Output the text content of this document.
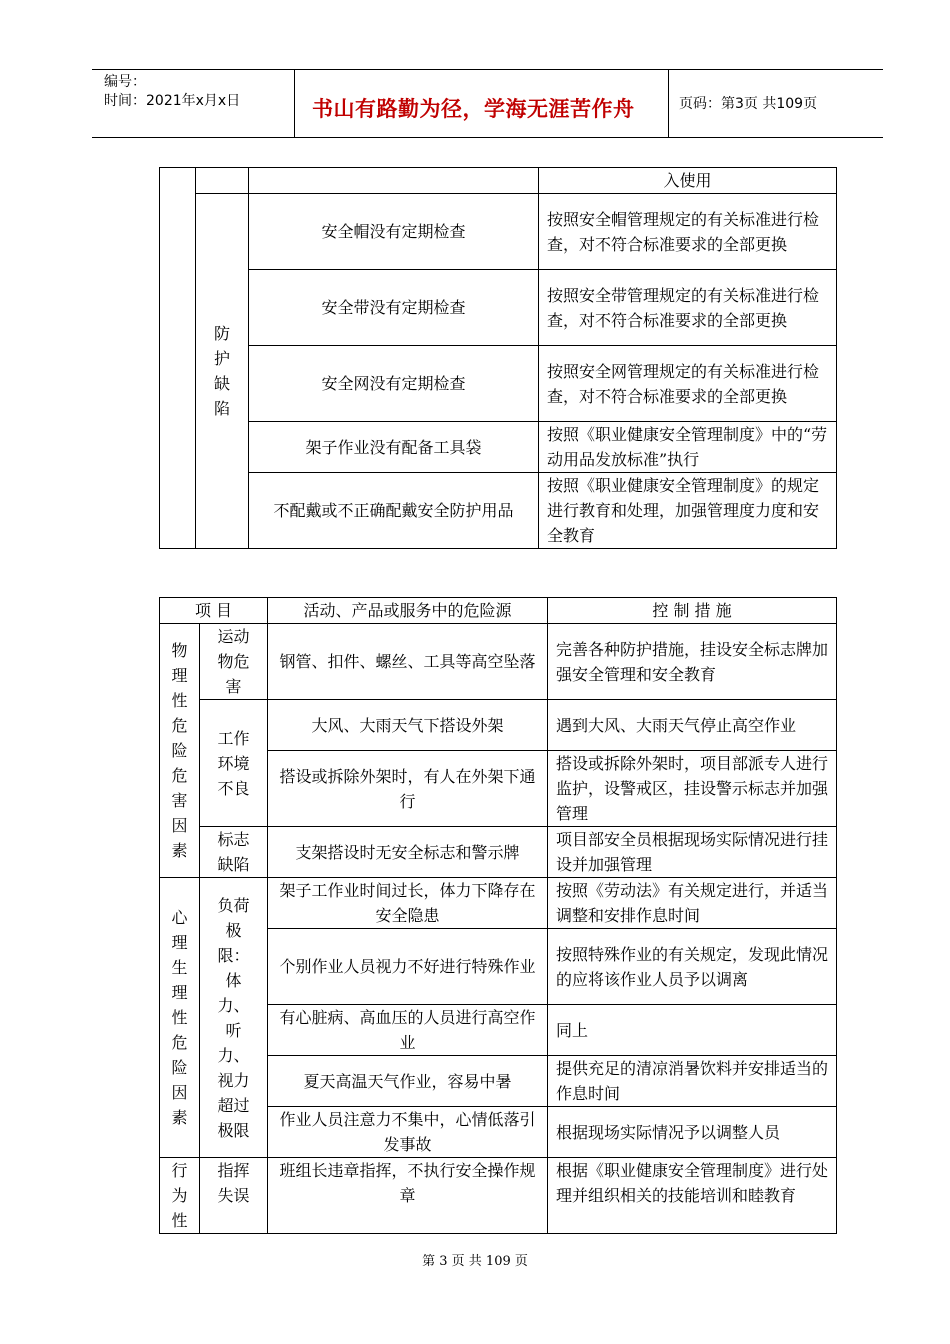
编号：
时间：2021年x月x日	书山有路勤为径，学海无涯苦作舟	页码：第3页 共109页
			入使用

	防护缺陷	安全帽没有定期检查	按照安全帽管理规定的有关标准进行检查，对不符合标准要求的全部更换
		安全带没有定期检查	按照安全带管理规定的有关标准进行检查，对不符合标准要求的全部更换
		安全网没有定期检查	按照安全网管理规定的有关标准进行检查，对不符合标准要求的全部更换
		架子作业没有配备工具袋	按照《职业健康安全管理制度》中的“劳动用品发放标准”执行
		不配戴或不正确配戴安全防护用品	按照《职业健康安全管理制度》的规定进行教育和处理，加强管理度力度和安全教育
项 目		活动、产品或服务中的危险源	控 制 措 施

物理性危险危害因素	运动物危害	钢管、扣件、螺丝、工具等高空坠落	完善各种防护措施，挂设安全标志牌加强安全管理和安全教育

	工作环境不良	大风、大雨天气下搭设外架	遇到大风、大雨天气停止高空作业
		搭设或拆除外架时，有人在外架下通行	搭设或拆除外架时，项目部派专人进行监护，设警戒区，挂设警示标志并加强管理

	标志缺陷	支架搭设时无安全标志和警示牌	项目部安全员根据现场实际情况进行挂设并加强管理

心理生理性危险因素	负荷极限：体力、听力、视力超过极限	架子工作业时间过长，体力下降存在安全隐患	按照《劳动法》有关规定进行，并适当调整和安排作息时间
		个别作业人员视力不好进行特殊作业	按照特殊作业的有关规定，发现此情况的应将该作业人员予以调离
		有心脏病、高血压的人员进行高空作业	同上
		夏天高温天气作业，容易中暑	提供充足的清凉消暑饮料并安排适当的作息时间
		作业人员注意力不集中，心情低落引发事故	根据现场实际情况予以调整人员

行为性	指挥失误	班组长违章指挥，不执行安全操作规章	根据《职业健康安全管理制度》进行处理并组织相关的技能培训和睦教育
第 3 页 共 109 页
